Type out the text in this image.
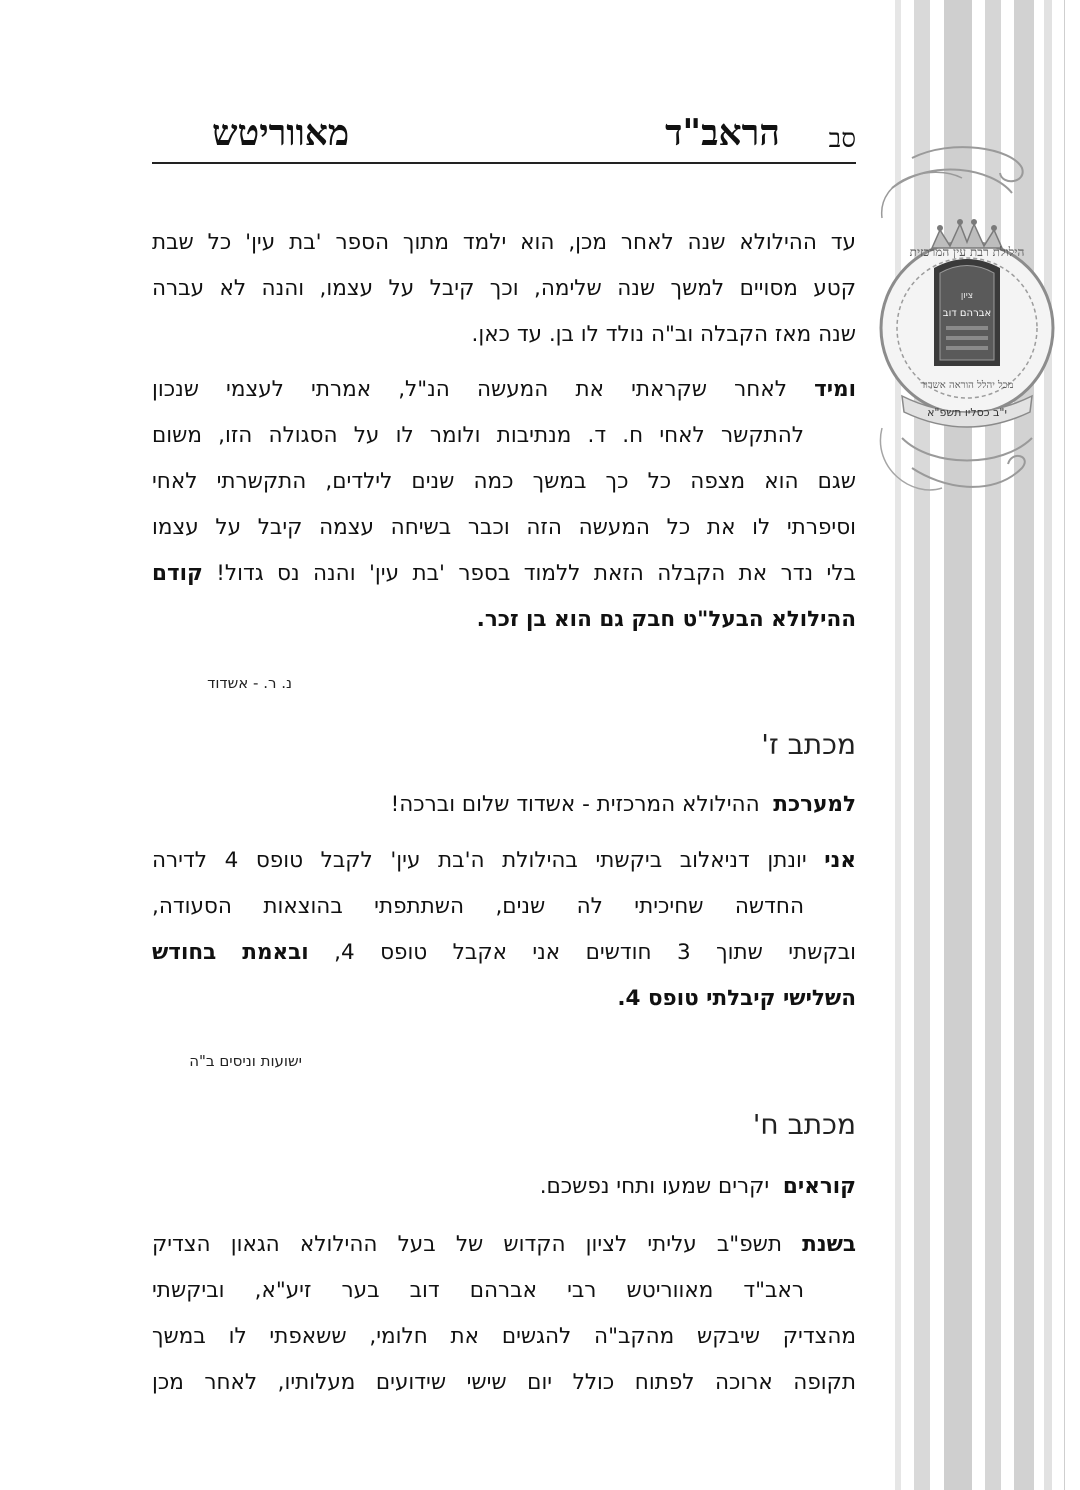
סב
הראב"ד
מאווריטש
ציון
אברהם דוב
י"ב כסליו תשפ"א
הילולת רבת עין המרכזית
מכל יהלל הוראה אשדוד
עד ההילולא שנה לאחר מכן, הוא ילמד מתוך הספר 'בת עין' כל שבת
קטע מסויים למשך שנה שלימה, וכך קיבל על עצמו, והנה לא עברה
שנה מאז הקבלה וב"ה נולד לו בן. עד כאן.
ומיד לאחר שקראתי את המעשה הנ"ל, אמרתי לעצמי שנכון
להתקשר לאחי ח. ד. מנתיבות ולומר לו על הסגולה הזו, משום
שגם הוא מצפה כל כך במשך כמה שנים לילדים, התקשרתי לאחי
וסיפרתי לו את כל המעשה הזה וכבר בשיחה עצמה קיבל על עצמו
בלי נדר את הקבלה הזאת ללמוד בספר 'בת עין' והנה נס גדול! קודם
ההילולא הבעל"ט חבק גם הוא בן זכר.
נ. ר. - אשדוד
מכתב ז'
למערכת  ההילולא המרכזית - אשדוד שלום וברכה!
אני יונתן דניאלוב ביקשתי בהילולת ה'בת עין' לקבל טופס 4 לדירה
החדשה שחיכיתי לה שנים, השתתפתי בהוצאות הסעודה,
ובקשתי שתוך 3 חודשים אני אקבל טופס 4, ובאמת בחודש
השלישי קיבלתי טופס 4.
ישועות וניסים ב"ה
מכתב ח'
קוראים  יקרים שמעו ותחי נפשכם.
בשנת תשפ"ב עליתי לציון הקדוש של בעל ההילולא הגאון הצדיק
ראב"ד מאווריטש רבי אברהם דוב בער זיע"א, וביקשתי
מהצדיק שיבקש מהקב"ה להגשים את חלומי, ששאפתי לו במשך
תקופה ארוכה לפתוח כולל יום שישי שידועים מעלותיו, לאחר מכן
